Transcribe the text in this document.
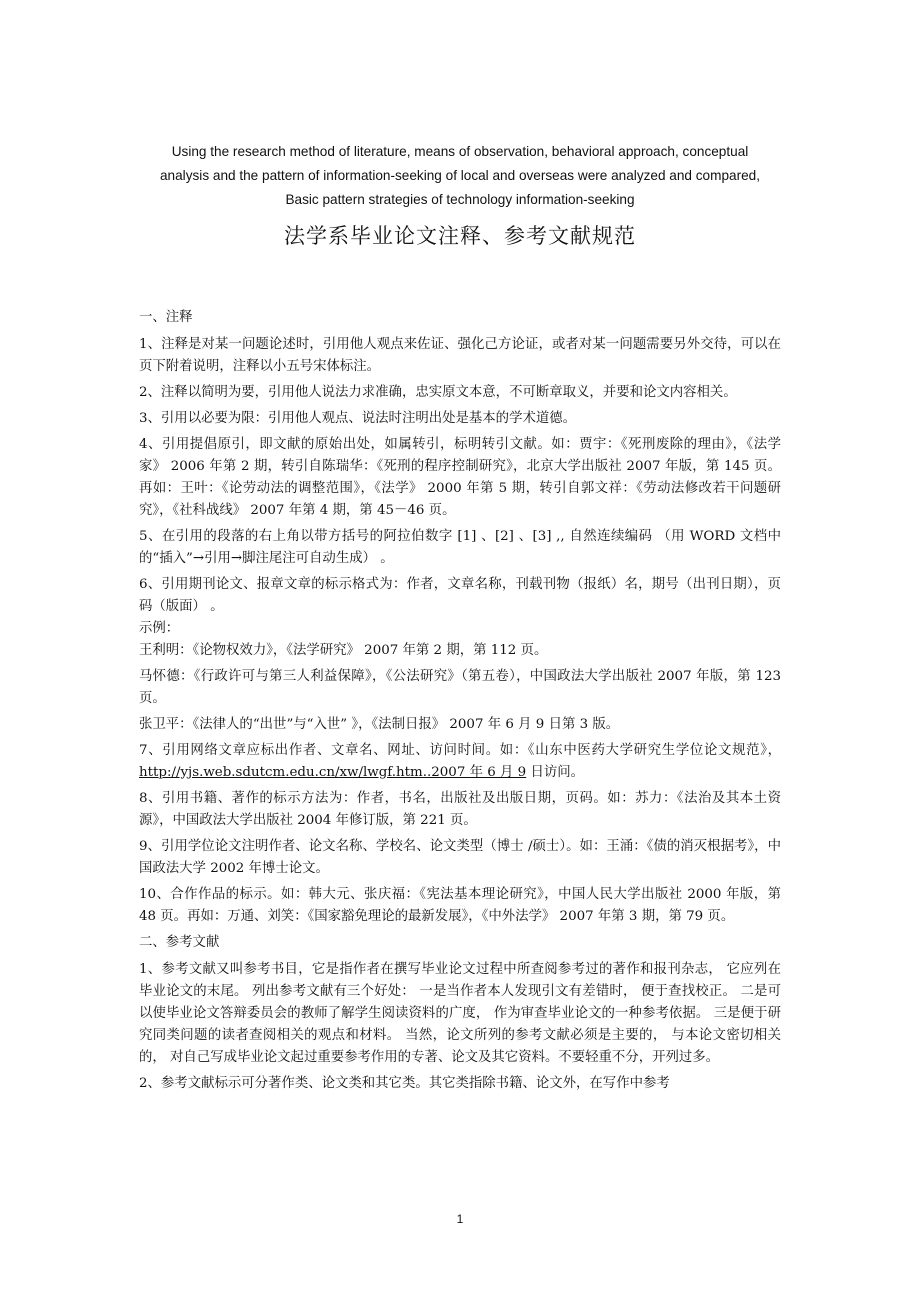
Using the research method of literature, means of observation, behavioral approach, conceptual
analysis and the pattern of information-seeking of local and overseas were analyzed and compared,
Basic pattern strategies of technology information-seeking
法学系毕业论文注释、参考文献规范
一、注释
1、注释是对某一问题论述时，引用他人观点来佐证、强化己方论证，或者对某一问题需要另外交待，可以在页下附着说明，注释以小五号宋体标注。
2、注释以简明为要，引用他人说法力求准确，忠实原文本意，不可断章取义，并要和论文内容相关。
3、引用以必要为限：引用他人观点、说法时注明出处是基本的学术道德。
4、引用提倡原引，即文献的原始出处，如属转引，标明转引文献。如：贾宇：《死刑废除的理由》，《法学家》 2006 年第 2 期，转引自陈瑞华：《死刑的程序控制研究》，北京大学出版社 2007 年版，第 145 页。再如：王叶：《论劳动法的调整范围》，《法学》 2000 年第 5 期，转引自郭文祥：《劳动法修改若干问题研究》，《社科战线》 2007 年第 4 期，第 45－46 页。
5、在引用的段落的右上角以带方括号的阿拉伯数字 [1] 、[2] 、[3] ,, 自然连续编码 （用 WORD 文档中的“插入”→引用→脚注尾注可自动生成） 。
6、引用期刊论文、报章文章的标示格式为：作者，文章名称，刊载刊物（报纸）名，期号（出刊日期），页码（版面） 。
示例：
王利明：《论物权效力》，《法学研究》 2007 年第 2 期，第 112 页。
马怀德：《行政许可与第三人利益保障》，《公法研究》（第五卷），中国政法大学出版社 2007 年版，第 123 页。
张卫平：《法律人的“出世”与“入世” 》，《法制日报》 2007 年 6 月 9 日第 3 版。
7、引用网络文章应标出作者、文章名、网址、访问时间。如：《山东中医药大学研究生学位论文规范》，http://yjs.web.sdutcm.edu.cn/xw/lwgf.htm..2007 年 6 月 9 日访问。
8、引用书籍、著作的标示方法为：作者，书名，出版社及出版日期，页码。如：苏力：《法治及其本土资源》，中国政法大学出版社 2004 年修订版，第 221 页。
9、引用学位论文注明作者、论文名称、学校名、论文类型（博士 /硕士）。如：王涌：《债的消灭根据考》，中国政法大学 2002 年博士论文。
10、合作作品的标示。如：韩大元、张庆福：《宪法基本理论研究》，中国人民大学出版社 2000 年版，第 48 页。再如：万通、刘笑：《国家豁免理论的最新发展》，《中外法学》 2007 年第 3 期，第 79 页。
二、参考文献
1、参考文献又叫参考书目，它是指作者在撰写毕业论文过程中所查阅参考过的著作和报刊杂志， 它应列在毕业论文的末尾。 列出参考文献有三个好处： 一是当作者本人发现引文有差错时， 便于查找校正。 二是可以使毕业论文答辩委员会的教师了解学生阅读资料的广度， 作为审查毕业论文的一种参考依据。 三是便于研究同类问题的读者查阅相关的观点和材料。 当然，论文所列的参考文献必须是主要的， 与本论文密切相关的， 对自己写成毕业论文起过重要参考作用的专著、论文及其它资料。不要轻重不分，开列过多。
2、参考文献标示可分著作类、论文类和其它类。其它类指除书籍、论文外，在写作中参考
1
